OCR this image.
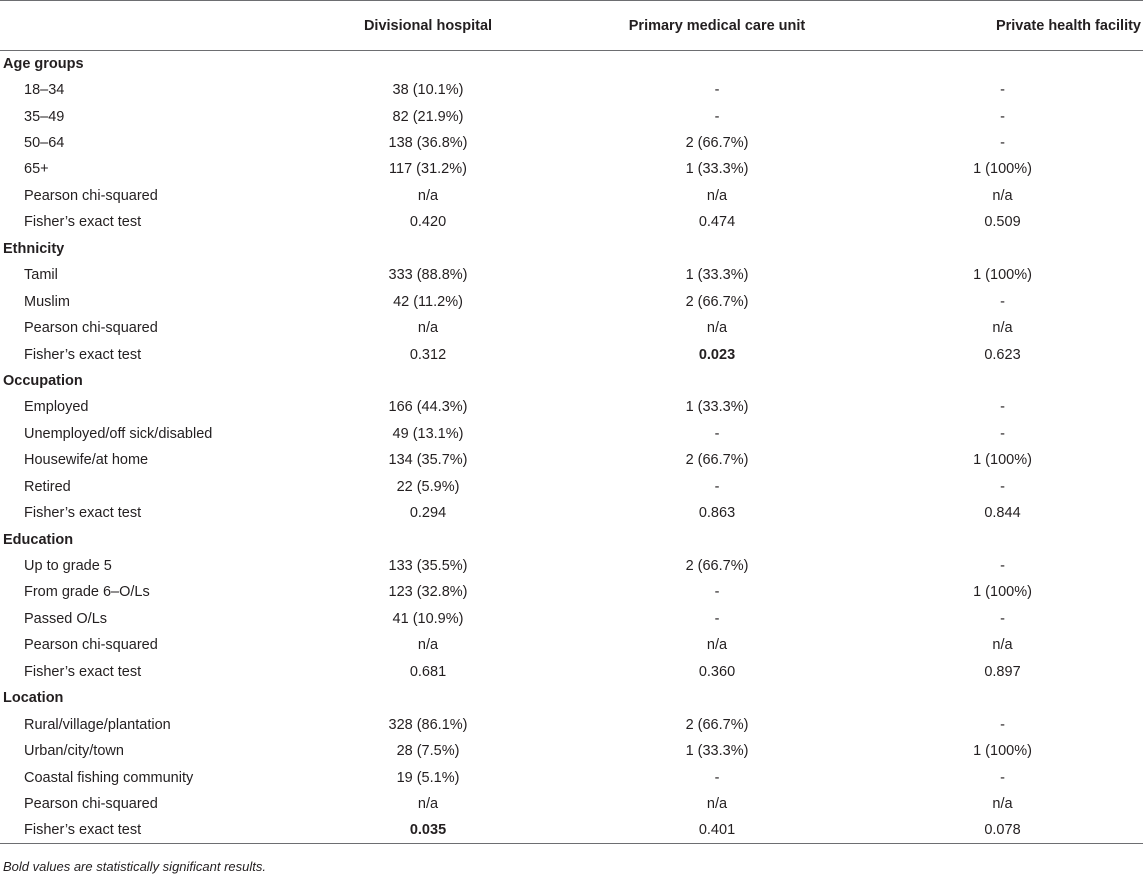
	Divisional hospital	Primary medical care unit	Private health facility
Age groups			
18–34	38 (10.1%)	-	-
35–49	82 (21.9%)	-	-
50–64	138 (36.8%)	2 (66.7%)	-
65+	117 (31.2%)	1 (33.3%)	1 (100%)
Pearson chi-squared	n/a	n/a	n/a
Fisher’s exact test	0.420	0.474	0.509
Ethnicity			
Tamil	333 (88.8%)	1 (33.3%)	1 (100%)
Muslim	42 (11.2%)	2 (66.7%)	-
Pearson chi-squared	n/a	n/a	n/a
Fisher’s exact test	0.312	0.023	0.623
Occupation			
Employed	166 (44.3%)	1 (33.3%)	-
Unemployed/off sick/disabled	49 (13.1%)	-	-
Housewife/at home	134 (35.7%)	2 (66.7%)	1 (100%)
Retired	22 (5.9%)	-	-
Fisher’s exact test	0.294	0.863	0.844
Education			
Up to grade 5	133 (35.5%)	2 (66.7%)	-
From grade 6–O/Ls	123 (32.8%)	-	1 (100%)
Passed O/Ls	41 (10.9%)	-	-
Pearson chi-squared	n/a	n/a	n/a
Fisher’s exact test	0.681	0.360	0.897
Location			
Rural/village/plantation	328 (86.1%)	2 (66.7%)	-
Urban/city/town	28 (7.5%)	1 (33.3%)	1 (100%)
Coastal fishing community	19 (5.1%)	-	-
Pearson chi-squared	n/a	n/a	n/a
Fisher’s exact test	0.035	0.401	0.078
Bold values are statistically significant results.
